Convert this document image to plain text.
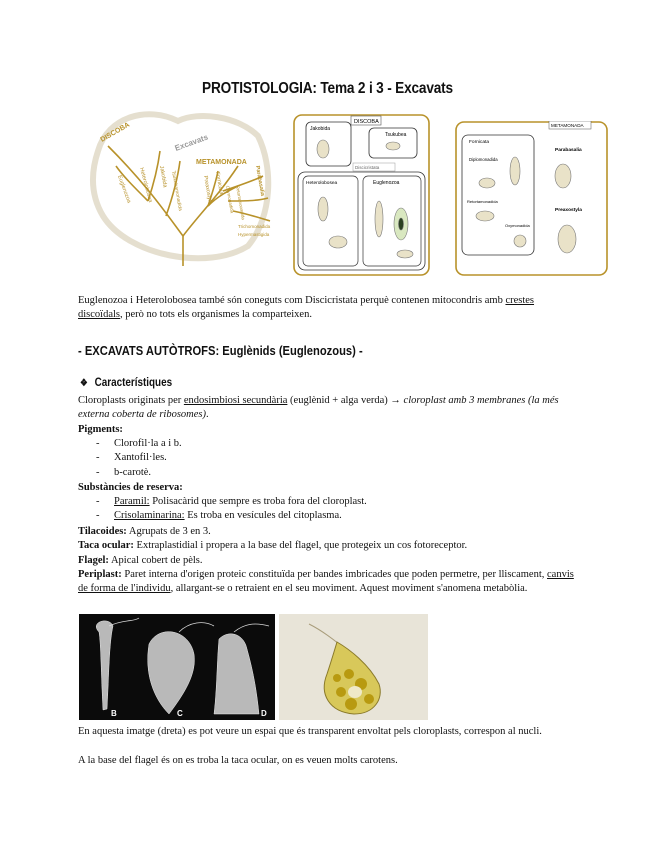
PROTISTOLOGIA: Tema 2 i 3 - Excavats
DISCOBA	Excavats
METAMONADA
Euglenozoa Heterolobosea Jakobida Tsukubamonadida	Preaxostyla Fornicata	Parabasalia
Oxymonadida Retortamonadida
Trichomonadida
Hypermastigida
DISCOBA
Jakobida
Tsukubea
Discicristata
Heterolobosea	Euglenozoa
METAMONADA
Fornicata
Parabasalia
Preaxostyla
Diplomonadida
Retortamonadida
Oxymonadida
Euglenozoa i Heterolobosea també són coneguts com Discicristata perquè contenen mitocondris amb crestes discoïdals, però no tots els organismes la comparteixen.
- EXCAVATS AUTÒTROFS: Euglènids (Euglenozous) -
❖ Característiques
Cloroplasts originats per endosimbiosi secundària (euglènid + alga verda) → cloroplast amb 3 membranes (la més externa coberta de ribosomes).
Pigments:
- Clorofil·la a i b.
- Xantofil·les.
- b-carotè.
Substàncies de reserva:
- Paramil: Polisacàrid que sempre es troba fora del cloroplast.
- Crisolaminarina: Es troba en vesícules del citoplasma.
Tilacoides: Agrupats de 3 en 3.
Taca ocular: Extraplastidial i propera a la base del flagel, que protegeix un cos fotoreceptor.
Flagel: Apical cobert de pèls.
Periplast: Paret interna d'origen proteic constituïda per bandes imbricades que poden permetre, per lliscament, canvis de forma de l'individu, allargant-se o retraient en el seu moviment. Aquest moviment s'anomena metabòlia.
B	C	D
En aquesta imatge (dreta) es pot veure un espai que és transparent envoltat pels cloroplasts, correspon al nucli.
A la base del flagel és on es troba la taca ocular, on es veuen molts carotens.
